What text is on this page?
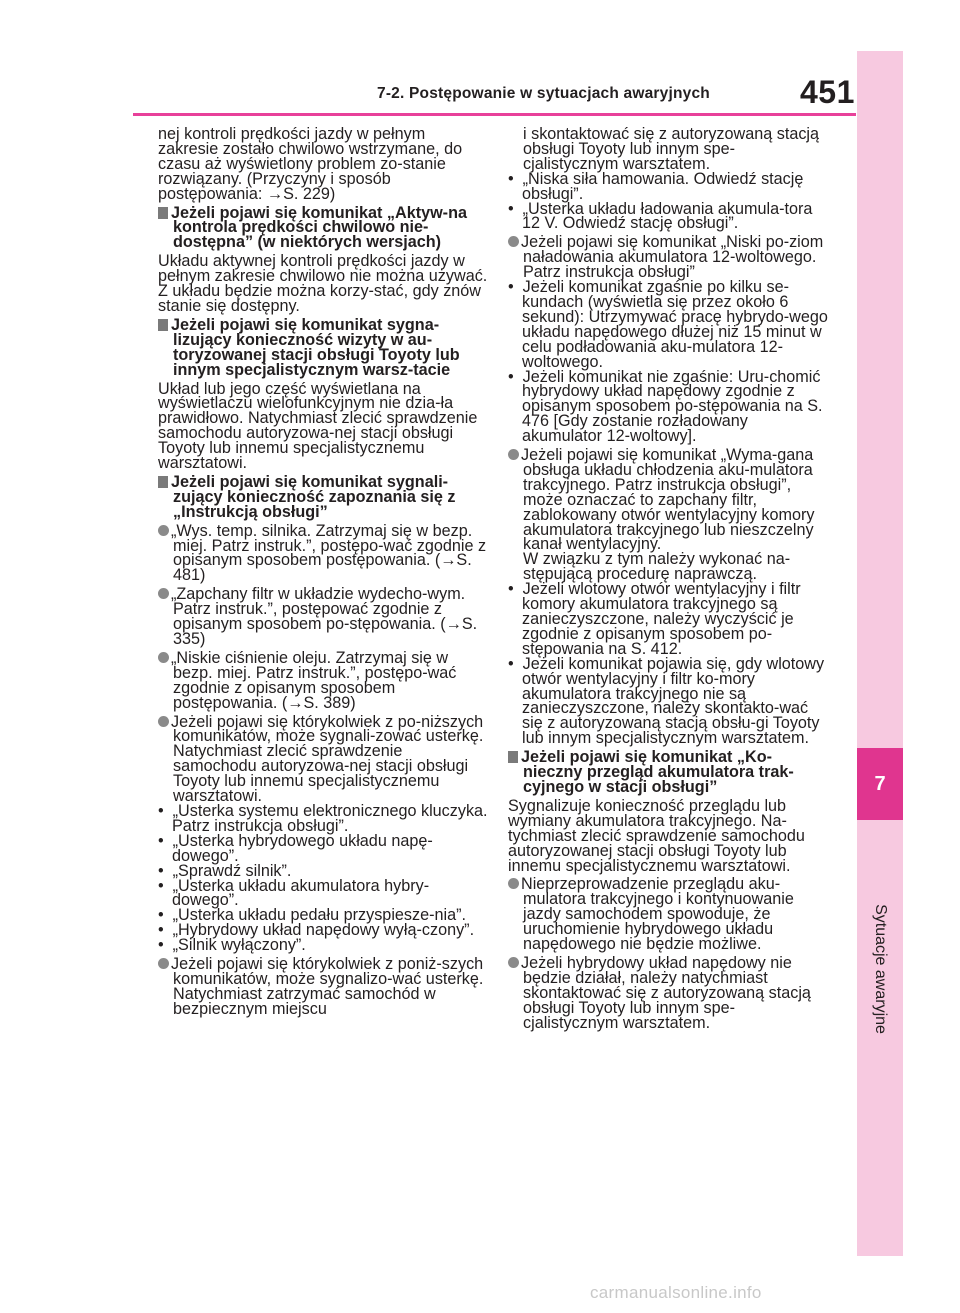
7-2. Postępowanie w sytuacjach awaryjnych	451
7
Sytuacje awaryjne

nej kontroli prędkości jazdy w pełnym zakresie zostało chwilowo wstrzymane, do czasu aż wyświetlony problem zo-stanie rozwiązany. (Przyczyny i sposób postępowania: →S. 229)

Jeżeli pojawi się komunikat „Aktyw-na kontrola prędkości chwilowo nie-dostępna” (w niektórych wersjach)

Układu aktywnej kontroli prędkości jazdy w pełnym zakresie chwilowo nie można używać. Z układu będzie można korzy-stać, gdy znów stanie się dostępny.

Jeżeli pojawi się komunikat sygna-lizujący konieczność wizyty w au-toryzowanej stacji obsługi Toyoty lub innym specjalistycznym warsz-tacie

Układ lub jego część wyświetlana na wyświetlaczu wielofunkcyjnym nie dzia-ła prawidłowo. Natychmiast zlecić sprawdzenie samochodu autoryzowa-nej stacji obsługi Toyoty lub innemu specjalistycznemu warsztatowi.

Jeżeli pojawi się komunikat sygnali-zujący konieczność zapoznania się z „Instrukcją obsługi”

„Wys. temp. silnika. Zatrzymaj się w bezp. miej. Patrz instruk.”, postępo-wać zgodnie z opisanym sposobem postępowania. (→S. 481)

„Zapchany filtr w układzie wydecho-wym. Patrz instruk.”, postępować zgodnie z opisanym sposobem po-stępowania. (→S. 335)

„Niskie ciśnienie oleju. Zatrzymaj się w bezp. miej. Patrz instruk.”, postępo-wać zgodnie z opisanym sposobem postępowania. (→S. 389)

Jeżeli pojawi się którykolwiek z po-niższych komunikatów, może sygnali-zować usterkę. Natychmiast zlecić sprawdzenie samochodu autoryzowa-nej stacji obsługi Toyoty lub innemu specjalistycznemu warsztatowi.

• „Usterka systemu elektronicznego kluczyka. Patrz instrukcja obsługi”.

• „Usterka hybrydowego układu napę-dowego”.

• „Sprawdź silnik”.

• „Usterka układu akumulatora hybry-dowego”.

• „Usterka układu pedału przyspiesze-nia”.

• „Hybrydowy układ napędowy wyłą-czony”.

• „Silnik wyłączony”.

Jeżeli pojawi się którykolwiek z poniż-szych komunikatów, może sygnalizo-wać usterkę. Natychmiast zatrzymać samochód w bezpiecznym miejscu

i skontaktować się z autoryzowaną stacją obsługi Toyoty lub innym spe-cjalistycznym warsztatem.

• „Niska siła hamowania. Odwiedź stację obsługi”.

• „Usterka układu ładowania akumula-tora 12 V. Odwiedź stację obsługi”.

Jeżeli pojawi się komunikat „Niski po-ziom naładowania akumulatora 12-woltowego. Patrz instrukcja obsługi”

• Jeżeli komunikat zgaśnie po kilku se-kundach (wyświetla się przez około 6 sekund): Utrzymywać pracę hybrydo-wego układu napędowego dłużej niż 15 minut w celu podładowania aku-mulatora 12-woltowego.

• Jeżeli komunikat nie zgaśnie: Uru-chomić hybrydowy układ napędowy zgodnie z opisanym sposobem po-stępowania na S. 476 [Gdy zostanie rozładowany akumulator 12-woltowy].

Jeżeli pojawi się komunikat „Wyma-gana obsługa układu chłodzenia aku-mulatora trakcyjnego. Patrz instrukcja obsługi”, może oznaczać to zapchany filtr, zablokowany otwór wentylacyjny komory akumulatora trakcyjnego lub nieszczelny kanał wentylacyjny.

W związku z tym należy wykonać na-stępującą procedurę naprawczą.

• Jeżeli wlotowy otwór wentylacyjny i filtr komory akumulatora trakcyjnego są zanieczyszczone, należy wyczyścić je zgodnie z opisanym sposobem po-stępowania na S. 412.

• Jeżeli komunikat pojawia się, gdy wlotowy otwór wentylacyjny i filtr ko-mory akumulatora trakcyjnego nie są zanieczyszczone, należy skontakto-wać się z autoryzowaną stacją obsłu-gi Toyoty lub innym specjalistycznym warsztatem.

Jeżeli pojawi się komunikat „Ko-nieczny przegląd akumulatora trak-cyjnego w stacji obsługi”

Sygnalizuje konieczność przeglądu lub wymiany akumulatora trakcyjnego. Na-tychmiast zlecić sprawdzenie samochodu autoryzowanej stacji obsługi Toyoty lub innemu specjalistycznemu warsztatowi.

Nieprzeprowadzenie przeglądu aku-mulatora trakcyjnego i kontynuowanie jazdy samochodem spowoduje, że uruchomienie hybrydowego układu napędowego nie będzie możliwe.

Jeżeli hybrydowy układ napędowy nie będzie działał, należy natychmiast skontaktować się z autoryzowaną stacją obsługi Toyoty lub innym spe-cjalistycznym warsztatem.

carmanualsonline.info
